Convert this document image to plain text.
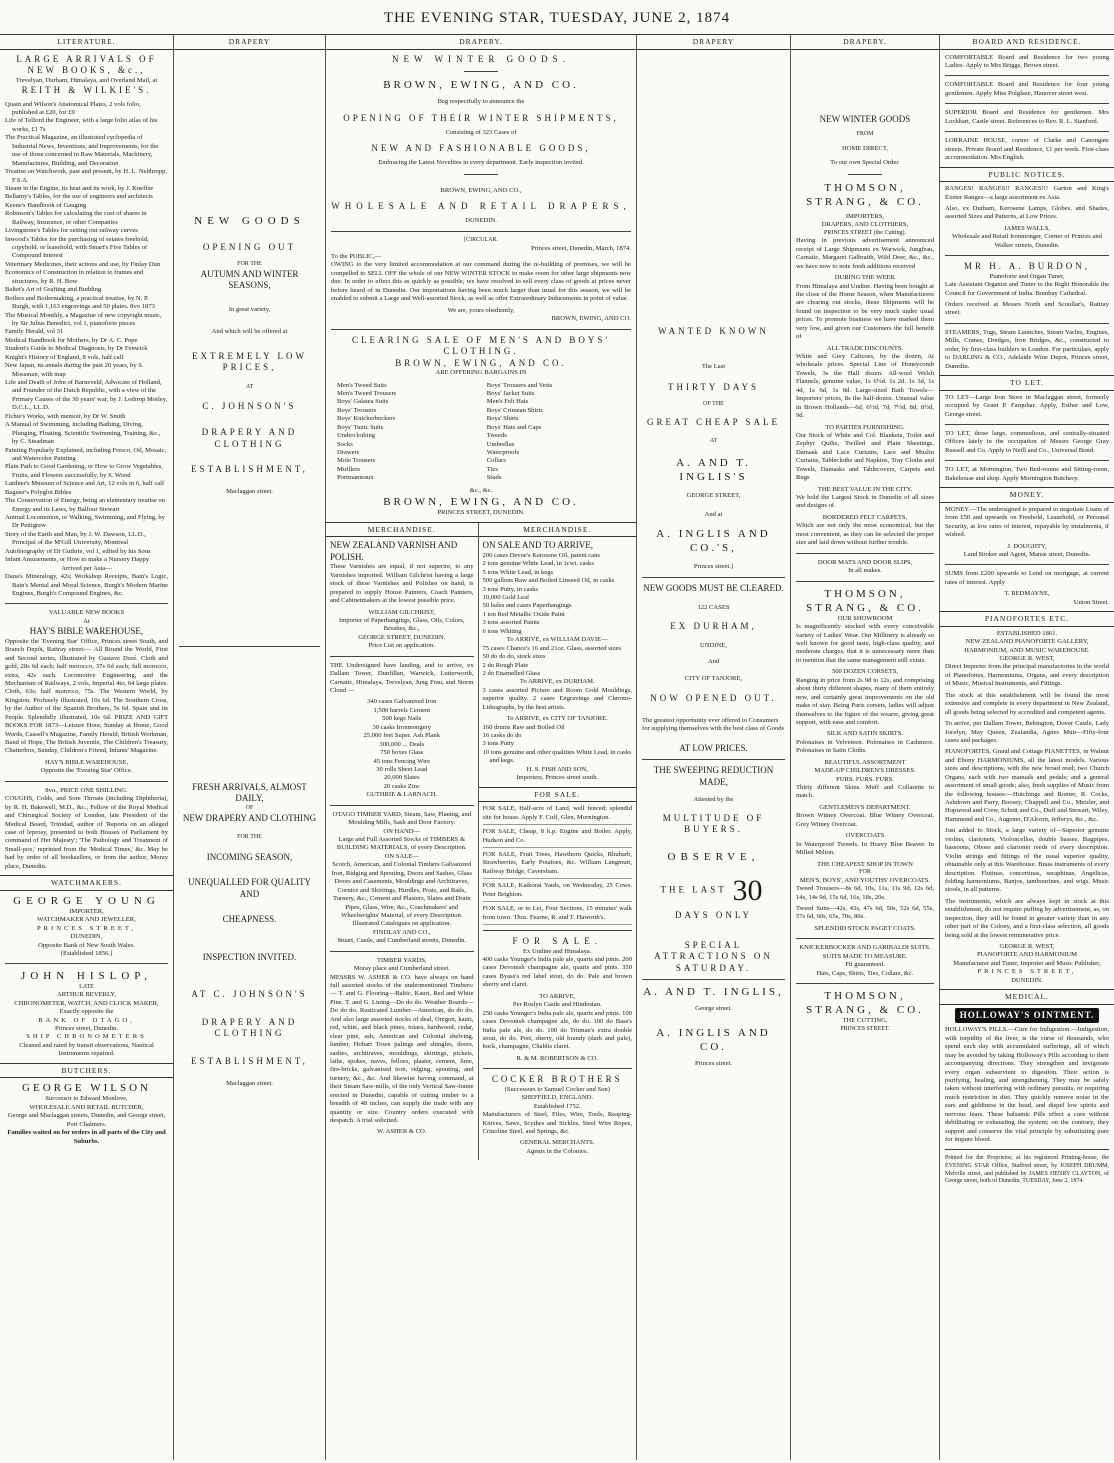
THE EVENING STAR, TUESDAY, JUNE 2, 1874
LITERATURE.
LARGE ARRIVALS OF NEW BOOKS, &c.,
Trevelyan, Durham, Himalaya, and Overland Mail, at
REITH & WILKIE'S.
Quain and Wilson's Anatomical Plates, 2 vols folio, published at £20, for £9
Life of Telford the Engineer, with a large folio atlas of his works, £1 7s
The Practical Magazine, an illustrated cyclopedia of Industrial News, Inventions, and Improvements, for the use of those concerned in Raw Materials, Machinery, Manufactures, Building, and Decoration
Treatise on Watchwork, past and present, by H. L. Nelthropp, F.S.A.
Steam in the Engine, its heat and its work, by J. Kneffee
Bellamy's Tables, for the use of engineers and architects
Keene's Handbook of Gauging
Robinson's Tables for calculating the cost of shares in Railway, Insurance, or other Companies
Livingstone's Tables for setting out railway curves
Inwood's Tables for the purchasing of estates freehold, copyhold, or leasehold, with Smart's Five Tables of Compound Interest
Veterinary Medicines, their actions and use, by Finlay Dun
Economics of Construction in relation to frames and structures, by R. H. Bow
Baltet's Art of Grafting and Budding
Boilers and Boilermaking, a practical treatise, by N. P. Burgh, with 1,163 engravings and 50 plates. 8vo 1873
The Musical Monthly, a Magazine of new copyright music, by Sir Julius Benedict, vol 1, pianoforte pieces
Family Herald, vol 31
Medical Handbook for Mothers, by Dr A. C. Pope
Student's Guide to Medical Diagnosis, by Dr Fenwick
Knight's History of England, 8 vols, half calf
New Japan, its annals during the past 20 years, by S. Mossman, with map
Life and Death of John of Barneveld, Advocate of Holland, and Founder of the Dutch Republic, with a view of the Primary Causes of the 30 years' war, by J. Lothrop Motley, D.C.L., LL.D.
Fichte's Works, with memoir, by Dr W. Smith
A Manual of Swimming, including Bathing, Diving, Plunging, Floating, Scientific Swimming, Training, &c., by C. Steadman
Painting Popularly Explained, including Fresco, Oil, Mosaic, and Watercolor Painting
Plain Path to Good Gardening, or How to Grow Vegetables, Fruits, and Flowers successfully, by S. Wood
Lardner's Museum of Science and Art, 12 vols in 6, half calf
Bagster's Polyglot Bibles
The Conservation of Energy, being an elementary treatise on Energy and its Laws, by Balfour Stewart
Animal Locomotion, or Walking, Swimming, and Flying, by Dr Pettigrew
Story of the Earth and Man, by J. W. Dawson, LL.D., Principal of the M'Gill University, Montreal
Autobiography of Dr Guthrie, vol 1, edited by his Sons
Infant Amusements, or How to make a Nursery Happy
Arrived per Asia—

Dana's Mineralogy, 42s; Workshop Receipts, Bain's Logic, Bain's Mental and Moral Science, Burgh's Modern Marine Engines, Burgh's Compound Engines, &c.

VALUABLE NEW BOOKS
At
HAY'S BIBLE WAREHOUSE,

Opposite the 'Evening Star' Office, Princes street South, and Branch Depôt, Rattray street:— All Round the World, First and Second series, illustrated by Gustave Doré. Cloth and gold, 28s 6d each; half morocco, 37s 6d each; full morocco, extra, 42s each. Locomotive Engineering, and the Mechanism of Railways, 2 vols, Imperial 4to, 64 large plates. Cloth, 63s; half morocco, 75s. The Western World, by Kingston. Profusely illustrated, 10s 6d. The Southern Cross, by the Author of the Spanish Brothers, 5s 6d. Spain and its People. Splendidly illustrated, 10s 6d. PRIZE AND GIFT BOOKS FOR 1873—Leisure Hour, Sunday at Home, Good Words, Cassell's Magazine, Family Herald, British Workman, Band of Hope, The British Juvenile, The Children's Treasury, Chatterbox, Sunday, Children's Friend, Infants' Magazine.

HAY'S BIBLE WAREHOUSE,
Opposite the 'Evening Star' Office.
8vo., PRICE ONE SHILLING.

COUGHS, Colds, and Sore Throats (including Diphtheria), by R. H. Bakewell, M.D., &c., Fellow of the Royal Medical and Chirurgical Society of London, late President of the Medical Board, Trinidad, author of 'Reports on an alleged case of leprosy, presented to both Houses of Parliament by command of Her Majesty'; 'The Pathology and Treatment of Small-pox,' reprinted from the 'Medical Times,' &c. May be had by order of all booksellers, or from the author, Moray place, Dunedin.

WATCHMAKERS.
GEORGE YOUNG
IMPORTER,
WATCHMAKER AND JEWELLER,
PRINCES STREET,
DUNEDIN,
Opposite Bank of New South Wales.
[Established 1856.]
JOHN HISLOP,
LATE
ARTHUR BEVERLY,
CHRONOMETER, WATCH, AND CLOCK MAKER,
Exactly opposite the
BANK OF OTAGO,
Princes street, Dunedin.
SHIP CHRONOMETERS
Cleaned and rated by transit observations, Nautical Instruments repaired.
BUTCHERS.
GEORGE WILSON
Successor to Edward Monlove,
WHOLESALE AND RETAIL BUTCHER,
George and Maclaggan streets, Dunedin, and George street, Port Chalmers.
Families waited on for orders in all parts of the City and Suburbs.
DRAPERY
NEW GOODS
OPENING OUT
FOR THE
AUTUMN AND WINTER SEASONS,
In great variety,
And which will be offered at
EXTREMELY LOW PRICES,
AT
C. JOHNSON'S
DRAPERY AND CLOTHING
ESTABLISHMENT,
Maclaggan street.
FRESH ARRIVALS, ALMOST DAILY,
OF
NEW DRAPERY AND CLOTHING
FOR THE
INCOMING SEASON,
UNEQUALLED FOR QUALITY AND
CHEAPNESS.
INSPECTION INVITED.
AT C. JOHNSON'S
DRAPERY AND CLOTHING
ESTABLISHMENT,
Maclaggan street.
DRAPERY.
NEW WINTER GOODS.
BROWN, EWING, AND CO.
Beg respectfully to announce the
OPENING OF THEIR WINTER SHIPMENTS,
Consisting of 323 Cases of
NEW AND FASHIONABLE GOODS,
Embracing the Latest Novelties in every department. Early inspection invited.
BROWN, EWING, AND CO.,
WHOLESALE AND RETAIL DRAPERS,
DUNEDIN.
[CIRCULAR.
Princes street, Dunedin, March, 1874.
To the PUBLIC,—

OWING to the very limited accommodation at our command during the re-building of premises, we will be compelled to SELL OFF the whole of our NEW WINTER STOCK to make room for other large shipments now due. In order to effect this as quickly as possible, we have resolved to sell every class of goods at prices never before heard of in Dunedin. Our importations having been much larger than usual for this season, we will be enabled to submit a Large and Well-assorted Stock, as well as offer Extraordinary Inducements in point of value.

We are, yours obediently,
BROWN, EWING, AND CO.
CLEARING SALE OF MEN'S AND BOYS' CLOTHING.
BROWN, EWING, AND CO.
ARE OFFERING BARGAINS IN
Men's Tweed Suits
Men's Tweed Trousers
Boys' Galatea Suits
Boys' Trousers
Boys' Knickerbockers
Boys' Tunic Suits
Underclothing
Socks
Drawers
Mole Trousers
Mufflers
Portmanteaux
Boys' Trousers and Vests
Boys' Jacket Suits
Men's Felt Hats
Boys' Crimean Shirts
Boys' Shirts
Boys' Hats and Caps
Tweeds
Umbrellas
Waterproofs
Collars
Ties
Studs
&c., &c.
BROWN, EWING, AND CO.
PRINCES STREET, DUNEDIN.
MERCHANDISE.
NEW ZEALAND VARNISH AND POLISH.

These Varnishes are equal, if not superior, to any Varnishes imported. William Gilchrist having a large stock of these Varnishes and Polishes on hand, is prepared to supply House Painters, Coach Painters, and Cabinetmakers at the lowest possible price.

WILLIAM GILCHRIST,
Importer of Paperhangings, Glass, Oils, Colors, Brushes, &c.,
GEORGE STREET, DUNEDIN.
Price List on application.

THE Undersigned have landing, and to arrive, ex Dallam Tower, Dunfillan, Warwick, Lutterworth, Carnatic, Himalaya, Trevelyan, Jung Frau, and Storm Cloud —

340 cases Galvanised Iron
1,500 barrels Cement
500 kegs Nails
30 casks Ironmongery
25,000 feet Super. Ash Plank
300,000 ... Deals
750 boxes Glass
45 tons Fencing Wire
30 rolls Sheet Lead
20,000 Slates
20 casks Zinc
GUTHRIE & LARNACH.
OTAGO TIMBER YARD, Steam, Saw, Planing, and Moulding Mills, Sash and Door Factory.
ON HAND—
Large and Full Assorted Stocks of TIMBERS & BUILDING MATERIALS, of every Description.
ON SALE—
Scotch, American, and Colonial Timbers Galvanized Iron, Ridging and Spouting, Doors and Sashes, Glass Doors and Casements, Mouldings and Architraves, Cornice and Skirtings, Hurdles, Posts, and Rails, Turnery, &c., Cement and Plasters, Slates and Drain Pipes, Glass, Wire, &c., Coachmakers' and Wheelwrights' Material, of every Description.
Illustrated Catalogues on application.
FINDLAY AND CO.,
Stuart, Castle, and Cumberland streets, Dunedin.
TIMBER YARDS,
Moray place and Cumberland street.

MESSRS W. ASHER & CO. have always on hand full assorted stocks of the undermentioned Timbers:— T. and G. Flooring—Baltic, Kauri, Red and White Pine. T. and G. Lining—Do do do. Weather Boards—Do do do. Rusticated Lumber—American, do do do. And also large assorted stocks of deal, Oregon, kauri, red, white, and black pines, totara, hardwood, cedar, clear pine, ash, American and Colonial shelving, lumber, Hobart Town palings and shingles, doors, sashes, architraves, mouldings, skirtings, pickets, laths, spokes, naves, felloes, plaster, cement, lime, fire-bricks, galvanised iron, ridging, spouting, and turnery, &c., &c. And likewise having command, at their Steam Saw-mills, of the only Vertical Saw-frame erected in Dunedin, capable of cutting timber to a breadth of 48 inches, can supply the trade with any quantity or size. Country orders executed with despatch. A trial solicited.

W. ASHER & CO.
MERCHANDISE.
ON SALE AND TO ARRIVE,
200 cases Devoe's Kerosene Oil, patent cans
2 tons genuine White Lead, in 1cwt. casks
5 tons White Lead, in kegs
500 gallons Raw and Boiled Linseed Oil, in casks
3 tons Putty, in casks
10,000 Gold Leaf
50 bales and cases Paperhangings
1 ton Red Metallic Oxide Paint
3 tons assorted Paints
6 tons Whiting
To ARRIVE, ex WILLIAM DAVIE—
75 cases Chance's 16 and 21oz. Glass, assorted sizes
50 do do do, stock sizes
2 do Rough Plate
2 do Enamelled Glass
To ARRIVE, ex DURHAM.

3 cases assorted Picture and Room Gold Mouldings, superior quality. 2 cases Engravings and Chromo-Lithographs, by the best artists.

To ARRIVE, ex CITY OF TANJORE.
160 drums Raw and Boiled Oil
16 casks do do
3 tons Putty
10 tons genuine and other qualities White Lead, in casks and kegs.
H. S. FISH AND SON,
Importers, Princes street south.
FOR SALE.

FOR SALE, Half-acre of Land, well fenced; splendid site for house. Apply F. Cuff, Glen, Mornington.

FOR SALE, Cheap, 8 h.p. Engine and Boiler. Apply, Hudson and Co.

FOR SALE, Fruit Trees, Hawthorn Quicks, Rhubarb, Strawberries, Early Potatoes, &c. William Langmuir, Railway Bridge, Caversham.

FOR SALE, Kaikorai Yards, on Wednesday, 25 Cows. Peter Brighton.

FOR SALE, or to Let, Four Sections, 15 minutes' walk from town. Thos. Fearne, R. and T. Haworth's.

FOR SALE.
Ex Undine and Himalaya.

400 casks Younger's India pale ale, quarts and pints. 200 cases Devonish champagne ale, quarts and pints. 350 cases Byass's red label stout, do do. Pale and brown sherry and claret.

TO ARRIVE,
Per Roslyn Castle and Hindostan.

250 casks Younger's India pale ale, quarts and pints. 100 cases Devonish champagne ale, do do. 100 do Bass's India pale ale, do do. 100 do Truman's extra double stout, do do. Port, sherry, old brandy (dark and pale), hock, champagne, Chablis claret.

R. & M. ROBERTSON & CO.
COCKER BROTHERS
(Successors to Samuel Cocker and Son)
SHEFFIELD, ENGLAND.
Established 1752.

Manufacturers of Steel, Files, Wire, Tools, Reaping-Knives, Saws, Scythes and Sickles, Steel Wire Ropes, Crinoline Steel, and Springs, &c.

GENERAL MERCHANTS.
Agents in the Colonies.
DRAPERY
WANTED KNOWN
The Last
THIRTY DAYS
OF THE
GREAT CHEAP SALE
AT
A. AND T. INGLIS'S
GEORGE STREET,
And at
A. INGLIS AND CO.'S,
Princes street.]
NEW GOODS MUST BE CLEARED.
122 CASES
EX DURHAM,
UNDINE,
And
CITY OF TANJORE,
NOW OPENED OUT.

The greatest opportunity ever offered to Consumers for supplying themselves with the best class of Goods

AT LOW PRICES.
THE SWEEPING REDUCTION MADE,
Attested by the
MULTITUDE OF BUYERS.
OBSERVE,
THE LAST 30 DAYS ONLY
SPECIAL ATTRACTIONS ON SATURDAY.
A. AND T. INGLIS,
George street.
A. INGLIS AND CO.
Princes street.
DRAPERY.
NEW WINTER GOODS
FROM
HOME DIRECT,
To our own Special Order.
THOMSON, STRANG, & CO.
IMPORTERS,
DRAPERS, AND CLOTHIERS,
PRINCES STREET (the Cutting).

Having in previous advertisement announced receipt of Large Shipments ex Warwick, Jungfrau, Carnatic, Margaret Galbraith, Wild Deer, &c., &c., we have now to note fresh additions received

DURING THE WEEK

From Himalaya and Undine. Having been bought at the close of the Home Season, when Manufacturers are clearing out stocks, these Shipments will be found on inspection to be very much under usual prices. To promote business we have marked them very low, and given our Customers the full benefit of

ALL TRADE DISCOUNTS.

White and Grey Calicoes, by the dozen, At wholesale prices. Special Line of Honeycomb Towels, 3s the Half dozen. All-wool Welsh Flannels, genuine value, 1s 6½d. 1s 2d. 1s 3d, 1s 4d, 1s 6d, 1s 8d. Large-sized Bath Towels—Importers' prices, 8s the half-dozen. Unusual value in Brown Hollands—6d, 6½d, 7d, 7½d, 8d, 8½d, 9d.

TO PARTIES FURNISHING.

Our Stock of White and Col. Blankets, Toilet and Zephyr Quilts, Twilled and Plain Sheetings, Damask and Lace Curtains, Lace and Muslin Curtains, Tablecloths and Napkins, Tray Cloths and Towels, Damasks and Tablecovers, Carpets and Rugs

THE BEST VALUE IN THE CITY.

We hold the Largest Stock in Dunedin of all sizes and designs of

BORDERED FELT CARPETS,

Which are not only the most economical, but the most convenient, as they can be selected the proper size and laid down without further trouble.

DOOR MATS AND DOOR SLIPS,
In all makes.
THOMSON, STRANG, & CO.
OUR SHOWROOM

Is magnificently stocked with every conceivable variety of Ladies' Wear. Our Millinery is already so well known for good taste, high-class quality, and moderate charges, that it is unnecessary more than to mention that the same management still exists.

500 DOZEN CORSETS,

Ranging in price from 2s 9d to 12s, and comprising about thirty different shapes, many of them entirely new, and certainly great improvements on the old make of stay. Being Paris corsets, ladies will adjust themselves to the figure of the wearer, giving great support, with ease and comfort.

SILK AND SATIN SKIRTS.

Polonaises in Velveteen. Polonaises in Cashmere. Polonaises in Satin Cloths.

BEAUTIFUL ASSORTMENT
MADE-UP CHILDREN'S DRESSES.
FURS. FURS. FURS.

Thirty different Skins. Muff and Collarette to match.

GENTLEMEN'S DEPARTMENT.

Brown Witney Overcoat. Blue Witney Overcoat. Grey Witney Overcoat.

OVERCOATS

In Waterproof Tweeds. In Heavy Blue Beaver. In Milled Milton.

THE CHEAPEST SHOP IN TOWN
FOR
MEN'S, BOYS', AND YOUTHS' OVERCOATS.

Tweed Trousers—8s 6d, 10s, 11s, 11s 9d, 12s 6d, 14s, 14s 9d, 15s 6d, 16s, 18s, 20s.

Tweed Suits—42s, 43s, 47s 6d, 50s, 52s 6d, 55s, 57s 6d, 60s, 65s, 70s, 80s.

SPLENDID STOCK PAGET COATS.
KNICKERBOCKER AND GARIBALDI SUITS.
SUITS MADE TO MEASURE.
Fit guaranteed.
Hats, Caps, Shirts, Ties, Collars, &c.
THOMSON, STRANG, & CO.
THE CUTTING,
PRINCES STREET.
BOARD AND RESIDENCE.

COMFORTABLE Board and Residence for two young Ladies. Apply to Mrs Briggs, Brown street.

COMFORTABLE Board and Residence for four young gentlemen. Apply Miss Polglaze, Hanover street west.

SUPERIOR Board and Residence for gentlemen. Mrs Lockhart, Castle street. References to Rev. R. L. Stanford.

LORRAINE HOUSE, corner of Clarke and Canongate streets. Private Board and Residence, £1 per week. First-class accommodation. Mrs English.

PUBLIC NOTICES.

RANGES! RANGES!! RANGES!!! Garton and King's Exeter Ranges—a large assortment ex Asia.

Also, ex Durham, Kerosene Lamps, Globes, and Shades, assorted Sizes and Patterns, at Low Prices.

JAMES WALLS,
Wholesale and Retail Ironmonger, Corner of Princes and Walker streets, Dunedin.
MR H. A. BURDON,
Pianoforte and Organ Tuner,

Late Assistant Organist and Tuner to the Right Honorable the Council for Government of India. Bombay Cathedral.

Orders received at Messrs North and Scoullar's, Rattray street.

STEAMERS, Tugs, Steam Launches, Steam Yachts, Engines, Mills, Cranes, Dredges, Iron Bridges, &c., constructed to order, by first-class builders in London. For particulars, apply to DARLING & CO., Adelaide Wine Depot, Princes street, Dunedin.

TO LET.

TO LET—Large Iron Store in Maclaggan street, formerly occupied by Grant P. Farquhar. Apply, Esther and Low, George street.

TO LET, those large, commodious, and centrally-situated Offices lately in the occupation of Messrs George Gray Russell and Co. Apply to Neill and Co., Universal Bond.

TO LET, at Mornington, Two Bed-rooms and Sitting-room, Bakehouse and shop. Apply Mornington Butchery.

MONEY.

MONEY.—The undersigned is prepared to negotiate Loans of from £50 and upwards on Freehold, Leasehold, or Personal Security, at low rates of interest, repayable by instalments, if wished.

J. DOUGHTY,
Land Broker and Agent, Manse street, Dunedin.

SUMS from £200 upwards to Lend on mortgage, at current rates of interest. Apply

T. REDMAYNE,
Union Street.
PIANOFORTES ETC.
ESTABLISHED 1861.
NEW ZEALAND PIANOFORTE GALLERY, HARMONIUM, AND MUSIC WAREHOUSE.
GEORGE R. WEST,

Direct Importer from the principal manufactories in the world of Pianofortes, Harmoniums, Organs, and every description of Music, Musical Instruments, and Fittings.

The stock at this establishment will be found the most extensive and complete in every department in New Zealand, all goods being selected by accredited and competent agents.

To arrive, per Dallam Tower, Bebington, Dover Castle, Lady Jocelyn, May Queen, Zealandia, Agnes Muir—Fifty-four cases and packages.

PIANOFORTES, Grand and Cottage PIANETTES, in Walnut and Ebony HARMONIUMS, all the latest models. Various sizes and descriptions, with the new broad reed; two Church Organs, each with two manuals and pedals; and a general assortment of small goods; also, fresh supplies of Music from the following houses:—Hutchings and Romer, R. Cocks, Ashdown and Parry, Boosey, Chappell and Co., Metzler, and Hopwood and Crew, Schott and Co., Duff and Stewart, Wiley, Hammond and Co., Augener, D'Alcorn, Jefferys, &c., &c.

Just added to Stock, a large variety of—Superior genuine violins, clarionets, Violoncellos, double basses, Bagpipes, bassoons, Oboes and clarionet reeds of every description. Violin strings and fittings of the usual superior quality, obtainable only at this Warehouse. Brass instruments of every description. Flutinas, concertinas, seraphinas, Angelicas, folding harmoniums, Banjos, tambourines, and wigs. Music stools, in all patterns.

The instruments, which are always kept in stock at this establishment, do not require puffing by advertisement, as, on inspection, they will be found in greater variety than in any other part of the Colony, and a first-class selection, all goods being sold at the lowest remunerative price.

GEORGE R. WEST,
PIANOFORTE AND HARMONIUM
Manufacturer and Tuner, Importer and Music Publisher,
PRINCES STREET,
DUNEDIN.
MEDICAL.
HOLLOWAY'S OINTMENT.

HOLLOWAY'S PILLS.—Cure for Indigestion.—Indigestion, with torpidity of the liver, is the curse of thousands, who spend each day with accumulated sufferings, all of which may be avoided by taking Holloway's Pills according to their accompanying directions. They strengthen and invigorate every organ subservient to digestion. Their action is purifying, healing, and strengthening. They may be safely taken without interfering with ordinary pursuits, or requiring much restriction in diet. They quickly remove noise in the ears and giddiness in the head, and dispel low spirits and nervous fears. These balsamic Pills effect a cure without debilitating or exhausting the system; on the contrary, they support and conserve the vital principle by substituting pure for impure blood.

Printed for the Proprietor, at his registered Printing-house, the EVENING STAR Office, Stafford street, by JOSEPH DRUMM, Melville street, and published by JAMES HENRY CLAYTON, of George street, both of Dunedin, TUESDAY, June 2, 1874.
